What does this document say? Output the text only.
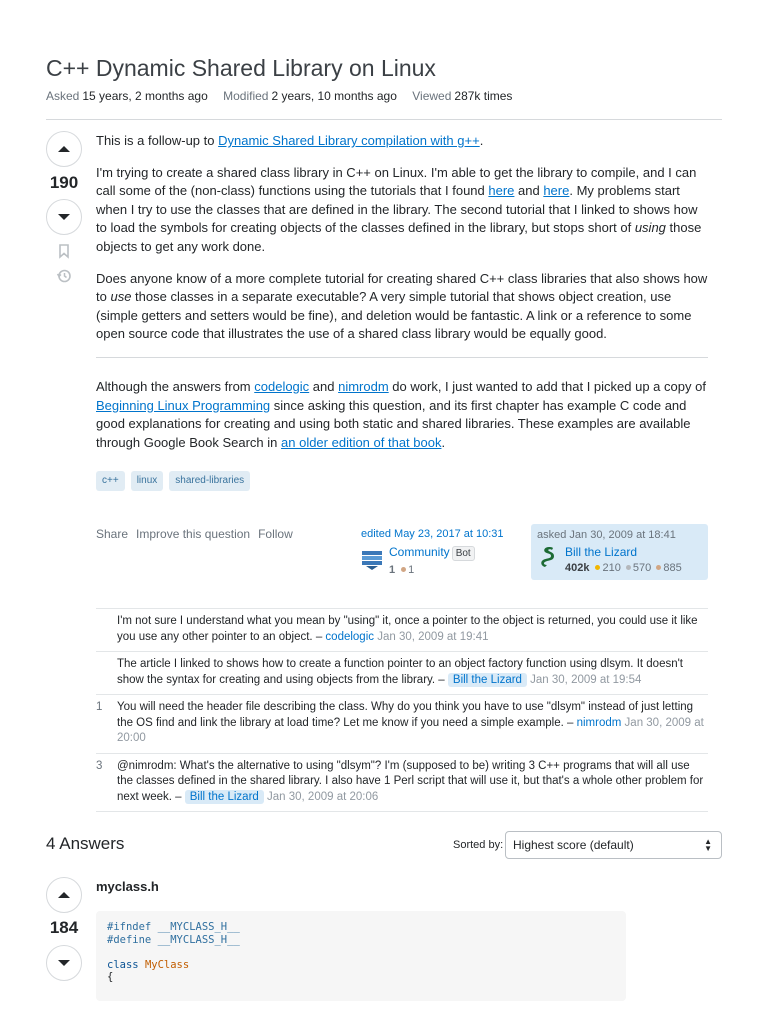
C++ Dynamic Shared Library on Linux
Asked 15 years, 2 months ago Modified 2 years, 10 months ago Viewed 287k times
190

This is a follow-up to Dynamic Shared Library compilation with g++.

I'm trying to create a shared class library in C++ on Linux. I'm able to get the library to compile, and I can call some of the (non-class) functions using the tutorials that I found here and here. My problems start when I try to use the classes that are defined in the library. The second tutorial that I linked to shows how to load the symbols for creating objects of the classes defined in the library, but stops short of using those objects to get any work done.

Does anyone know of a more complete tutorial for creating shared C++ class libraries that also shows how to use those classes in a separate executable? A very simple tutorial that shows object creation, use (simple getters and setters would be fine), and deletion would be fantastic. A link or a reference to some open source code that illustrates the use of a shared class library would be equally good.

Although the answers from codelogic and nimrodm do work, I just wanted to add that I picked up a copy of Beginning Linux Programming since asking this question, and its first chapter has example C code and good explanations for creating and using both static and shared libraries. These examples are available through Google Book Search in an older edition of that book.

c++	linux	shared-libraries
Share Improve this question Follow	edited May 23, 2017 at 10:31
Community Bot
1 1
asked Jan 30, 2009 at 18:41
Bill the Lizard
402k 210 570 885
I'm not sure I understand what you mean by "using" it, once a pointer to the object is returned, you could use it like you use any other pointer to an object. – codelogic Jan 30, 2009 at 19:41
The article I linked to shows how to create a function pointer to an object factory function using dlsym. It doesn't show the syntax for creating and using objects from the library. – Bill the Lizard Jan 30, 2009 at 19:54
1	You will need the header file describing the class. Why do you think you have to use "dlsym" instead of just letting the OS find and link the library at load time? Let me know if you need a simple example. – nimrodm Jan 30, 2009 at 20:00
3	@nimrodm: What's the alternative to using "dlsym"? I'm (supposed to be) writing 3 C++ programs that will all use the classes defined in the shared library. I also have 1 Perl script that will use it, but that's a whole other problem for next week. – Bill the Lizard Jan 30, 2009 at 20:06
4 Answers	Sorted by: Highest score (default)	▲
▼
184
myclass.h
#ifndef __MYCLASS_H__
#define __MYCLASS_H__

class MyClass
{
